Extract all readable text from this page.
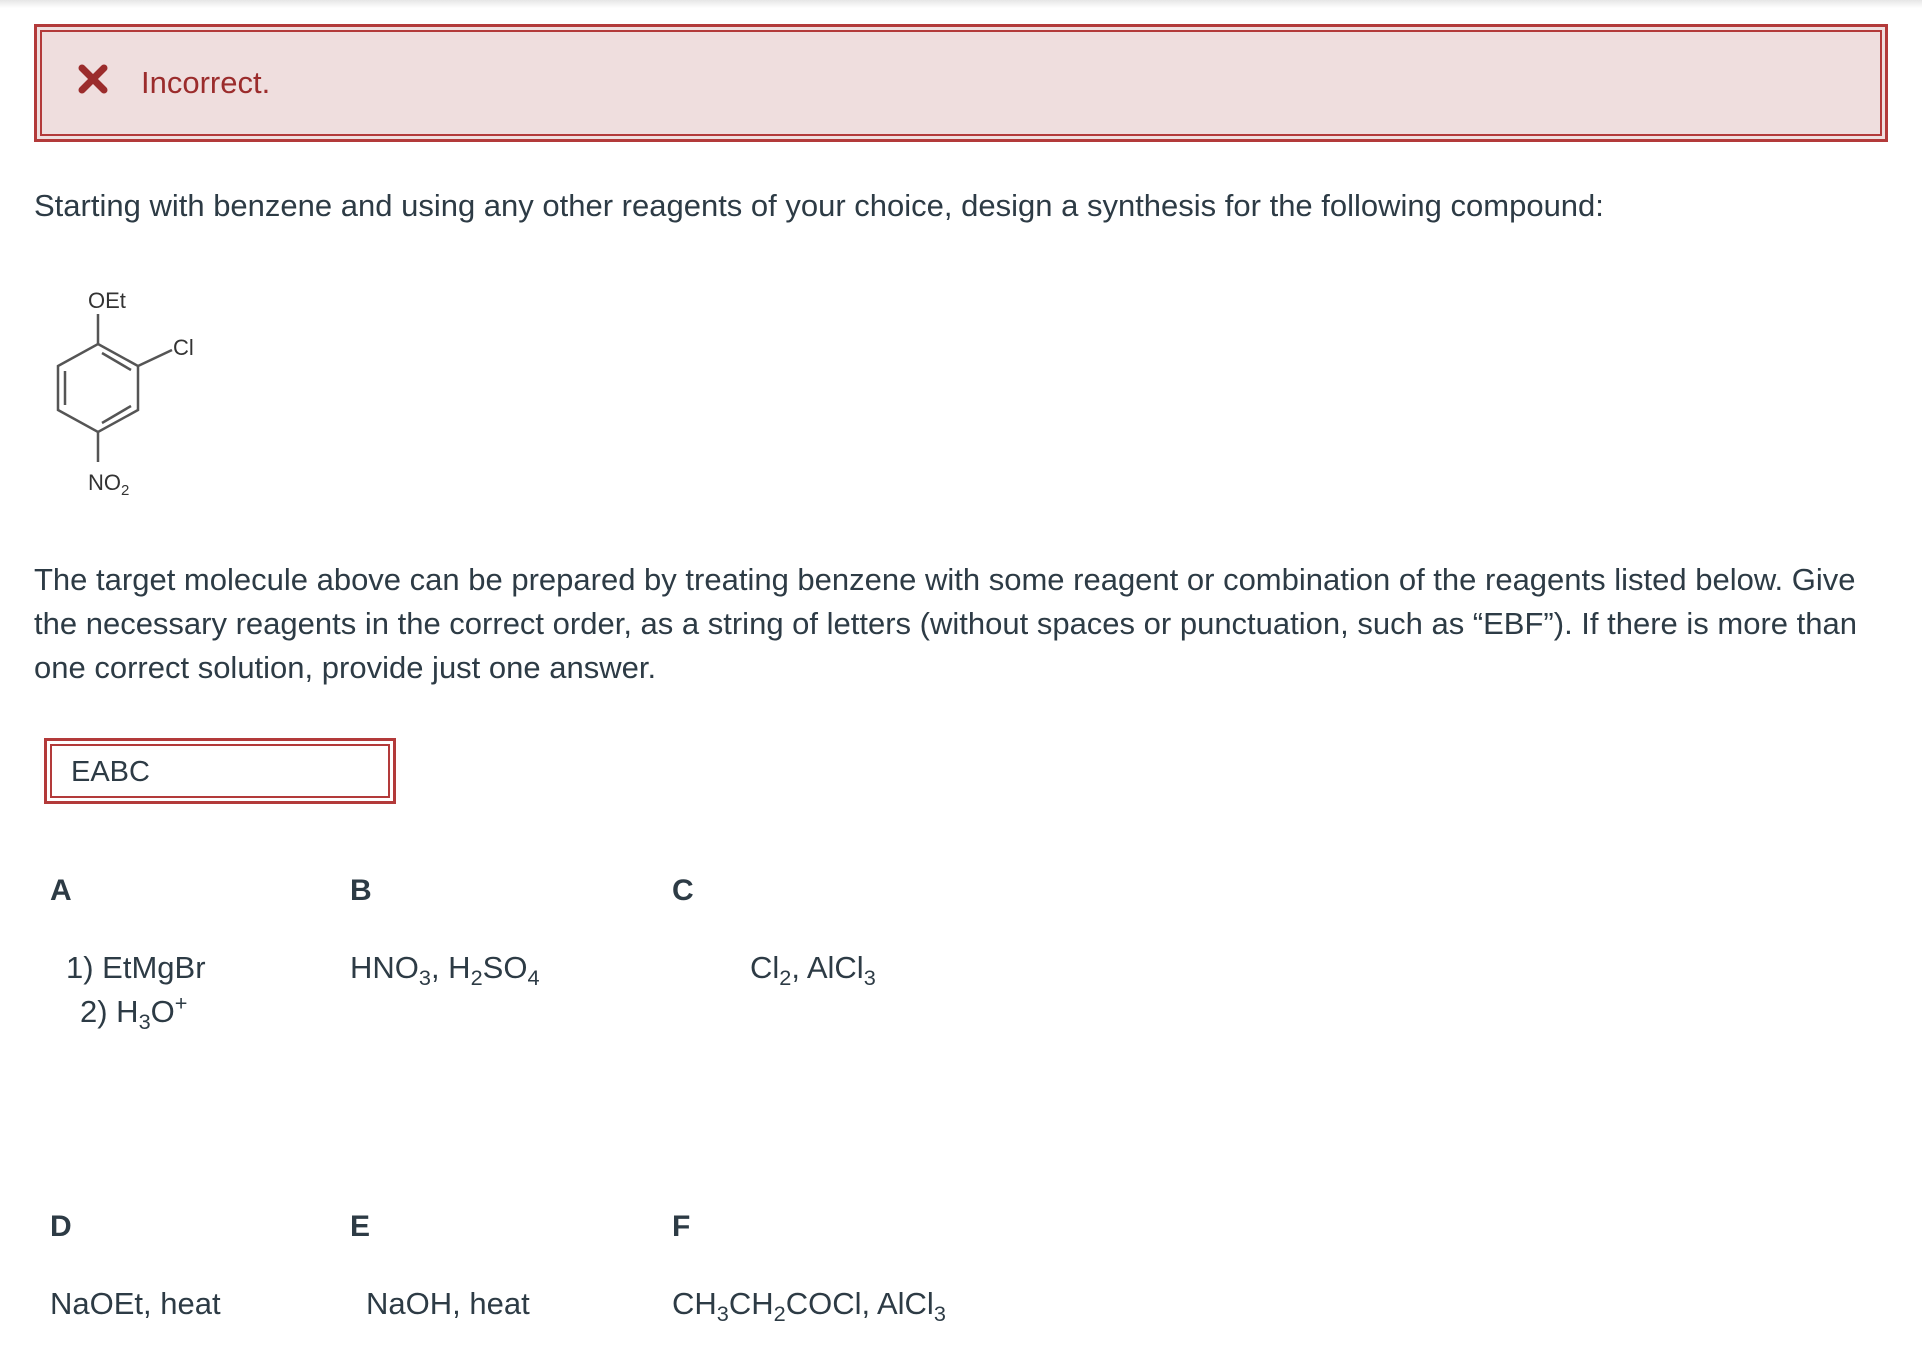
Incorrect.
Starting with benzene and using any other reagents of your choice, design a synthesis for the following compound:
OEt
Cl
$NO_2$
The target molecule above can be prepared by treating benzene with some reagent or combination of the reagents listed below. Give the necessary reagents in the correct order, as a string of letters (without spaces or punctuation, such as “EBF”). If there is more than one correct solution, provide just one answer.
EABC
A
1) EtMgBr
2) $H_3O^+$
B
$HNO_3$, $H_2SO_4$
C
$Cl_2$, AlCl$_3$
D
NaOEt, heat
E
NaOH, heat
F
$CH_3CH_2COCl$, AlCl$_3$
